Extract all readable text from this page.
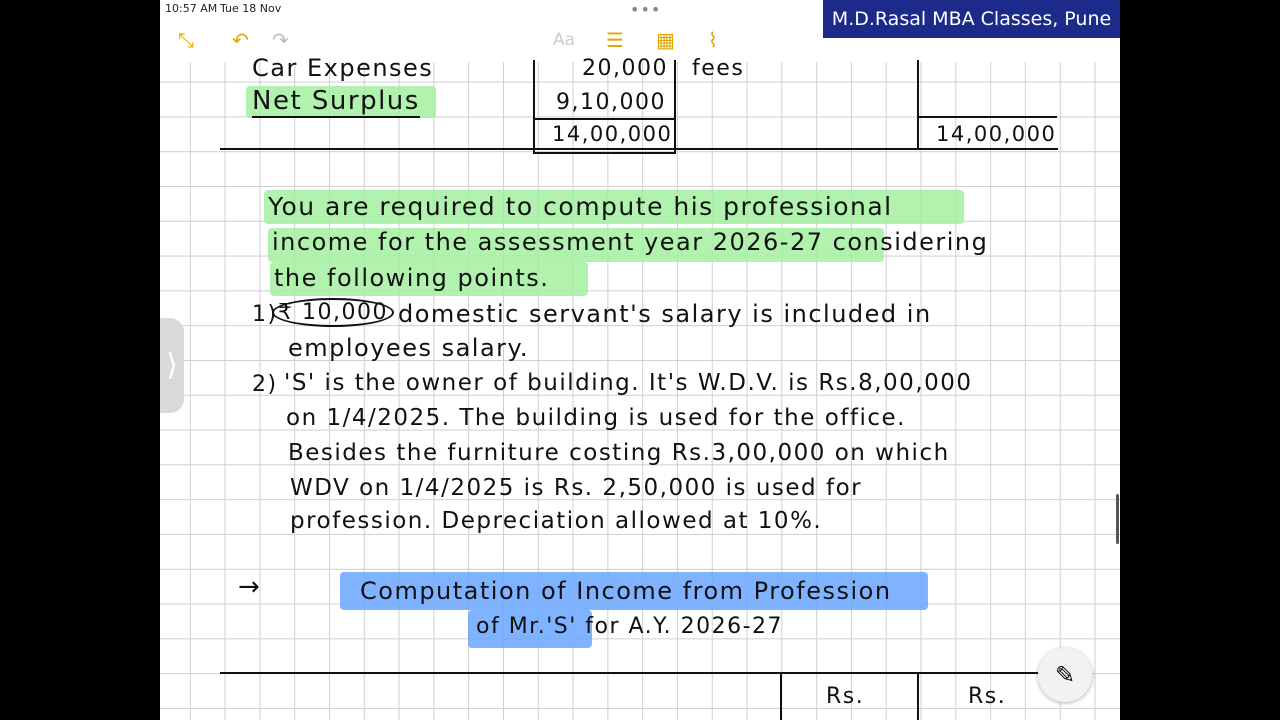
10:57 AM Tue 18 Nov	•••
⤡ ↶ ↷	Aa ☰ ▦ ⌇
M.D.Rasal MBA Classes, Pune
Car Expenses	20,000 fees
Net Surplus	9,10,000
14,00,000	14,00,000
You are required to compute his professional
income for the assessment year 2026-27 considering
the following points.
1) ₹ 10,000 domestic servant's salary is included in
employees salary.
2) 'S' is the owner of building. It's W.D.V. is Rs.8,00,000
on 1/4/2025. The building is used for the office.
Besides the furniture costing Rs.3,00,000 on which
WDV on 1/4/2025 is Rs. 2,50,000 is used for
profession. Depreciation allowed at 10%.
→	Computation of Income from Profession
of Mr.'S' for A.Y. 2026-27
Rs.	Rs.
⟩
✎
